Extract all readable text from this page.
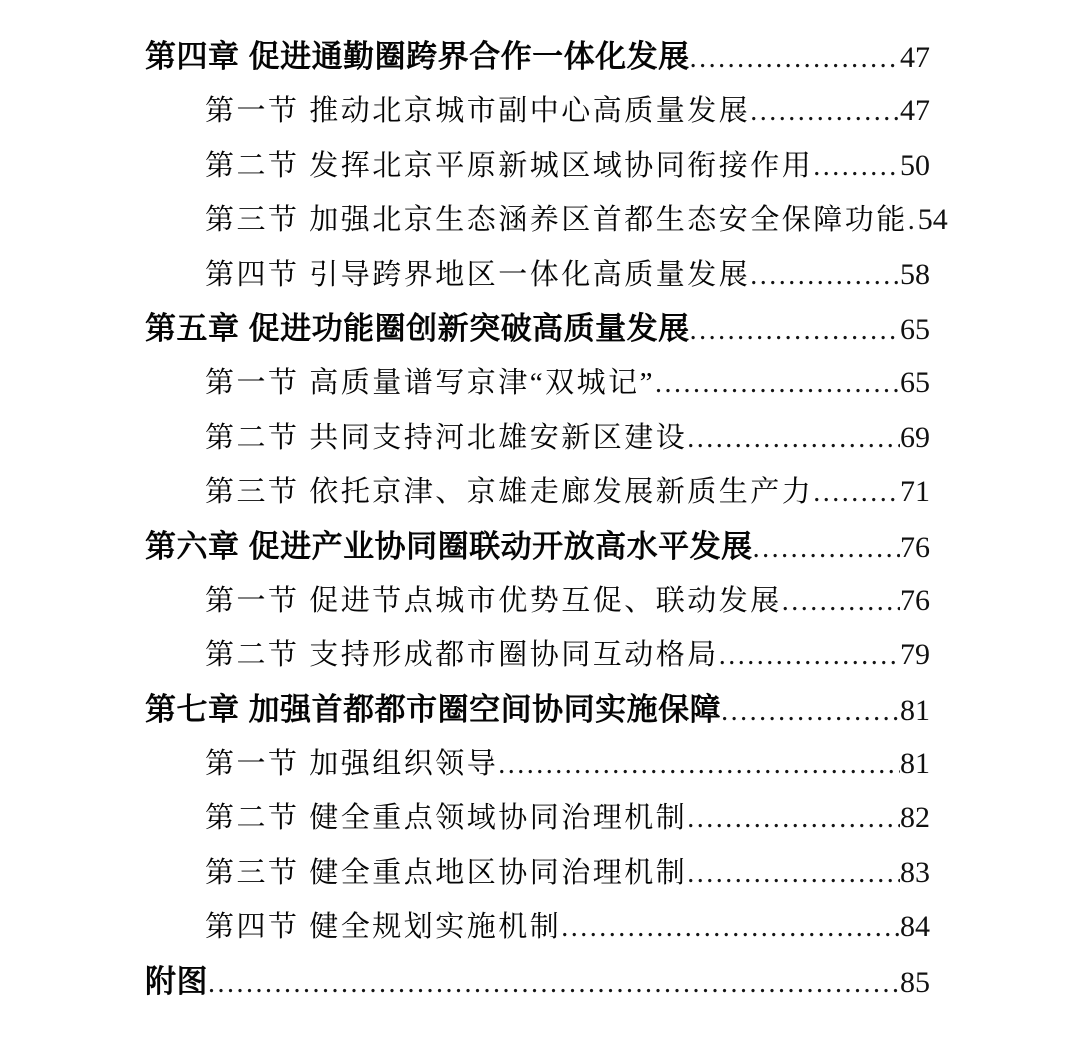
第四章 促进通勤圈跨界合作一体化发展 .....	47
第一节 推动北京城市副中心高质量发展 .....	47
第二节 发挥北京平原新城区域协同衔接作用 .....	50
第三节 加强北京生态涵养区首都生态安全保障功能 ..... 54
第四节 引导跨界地区一体化高质量发展 .....	58
第五章 促进功能圈创新突破高质量发展 .....	65
第一节 高质量谱写京津“双城记” .....	65
第二节 共同支持河北雄安新区建设 .....	69
第三节 依托京津、京雄走廊发展新质生产力 .....	71
第六章 促进产业协同圈联动开放高水平发展 .....	76
第一节 促进节点城市优势互促、联动发展 .....	76
第二节 支持形成都市圈协同互动格局 .....	79
第七章 加强首都都市圈空间协同实施保障 .....	81
第一节 加强组织领导 .....	81
第二节 健全重点领域协同治理机制 .....	82
第三节 健全重点地区协同治理机制 .....	83
第四节 健全规划实施机制 .....	84
附图 .....	85
